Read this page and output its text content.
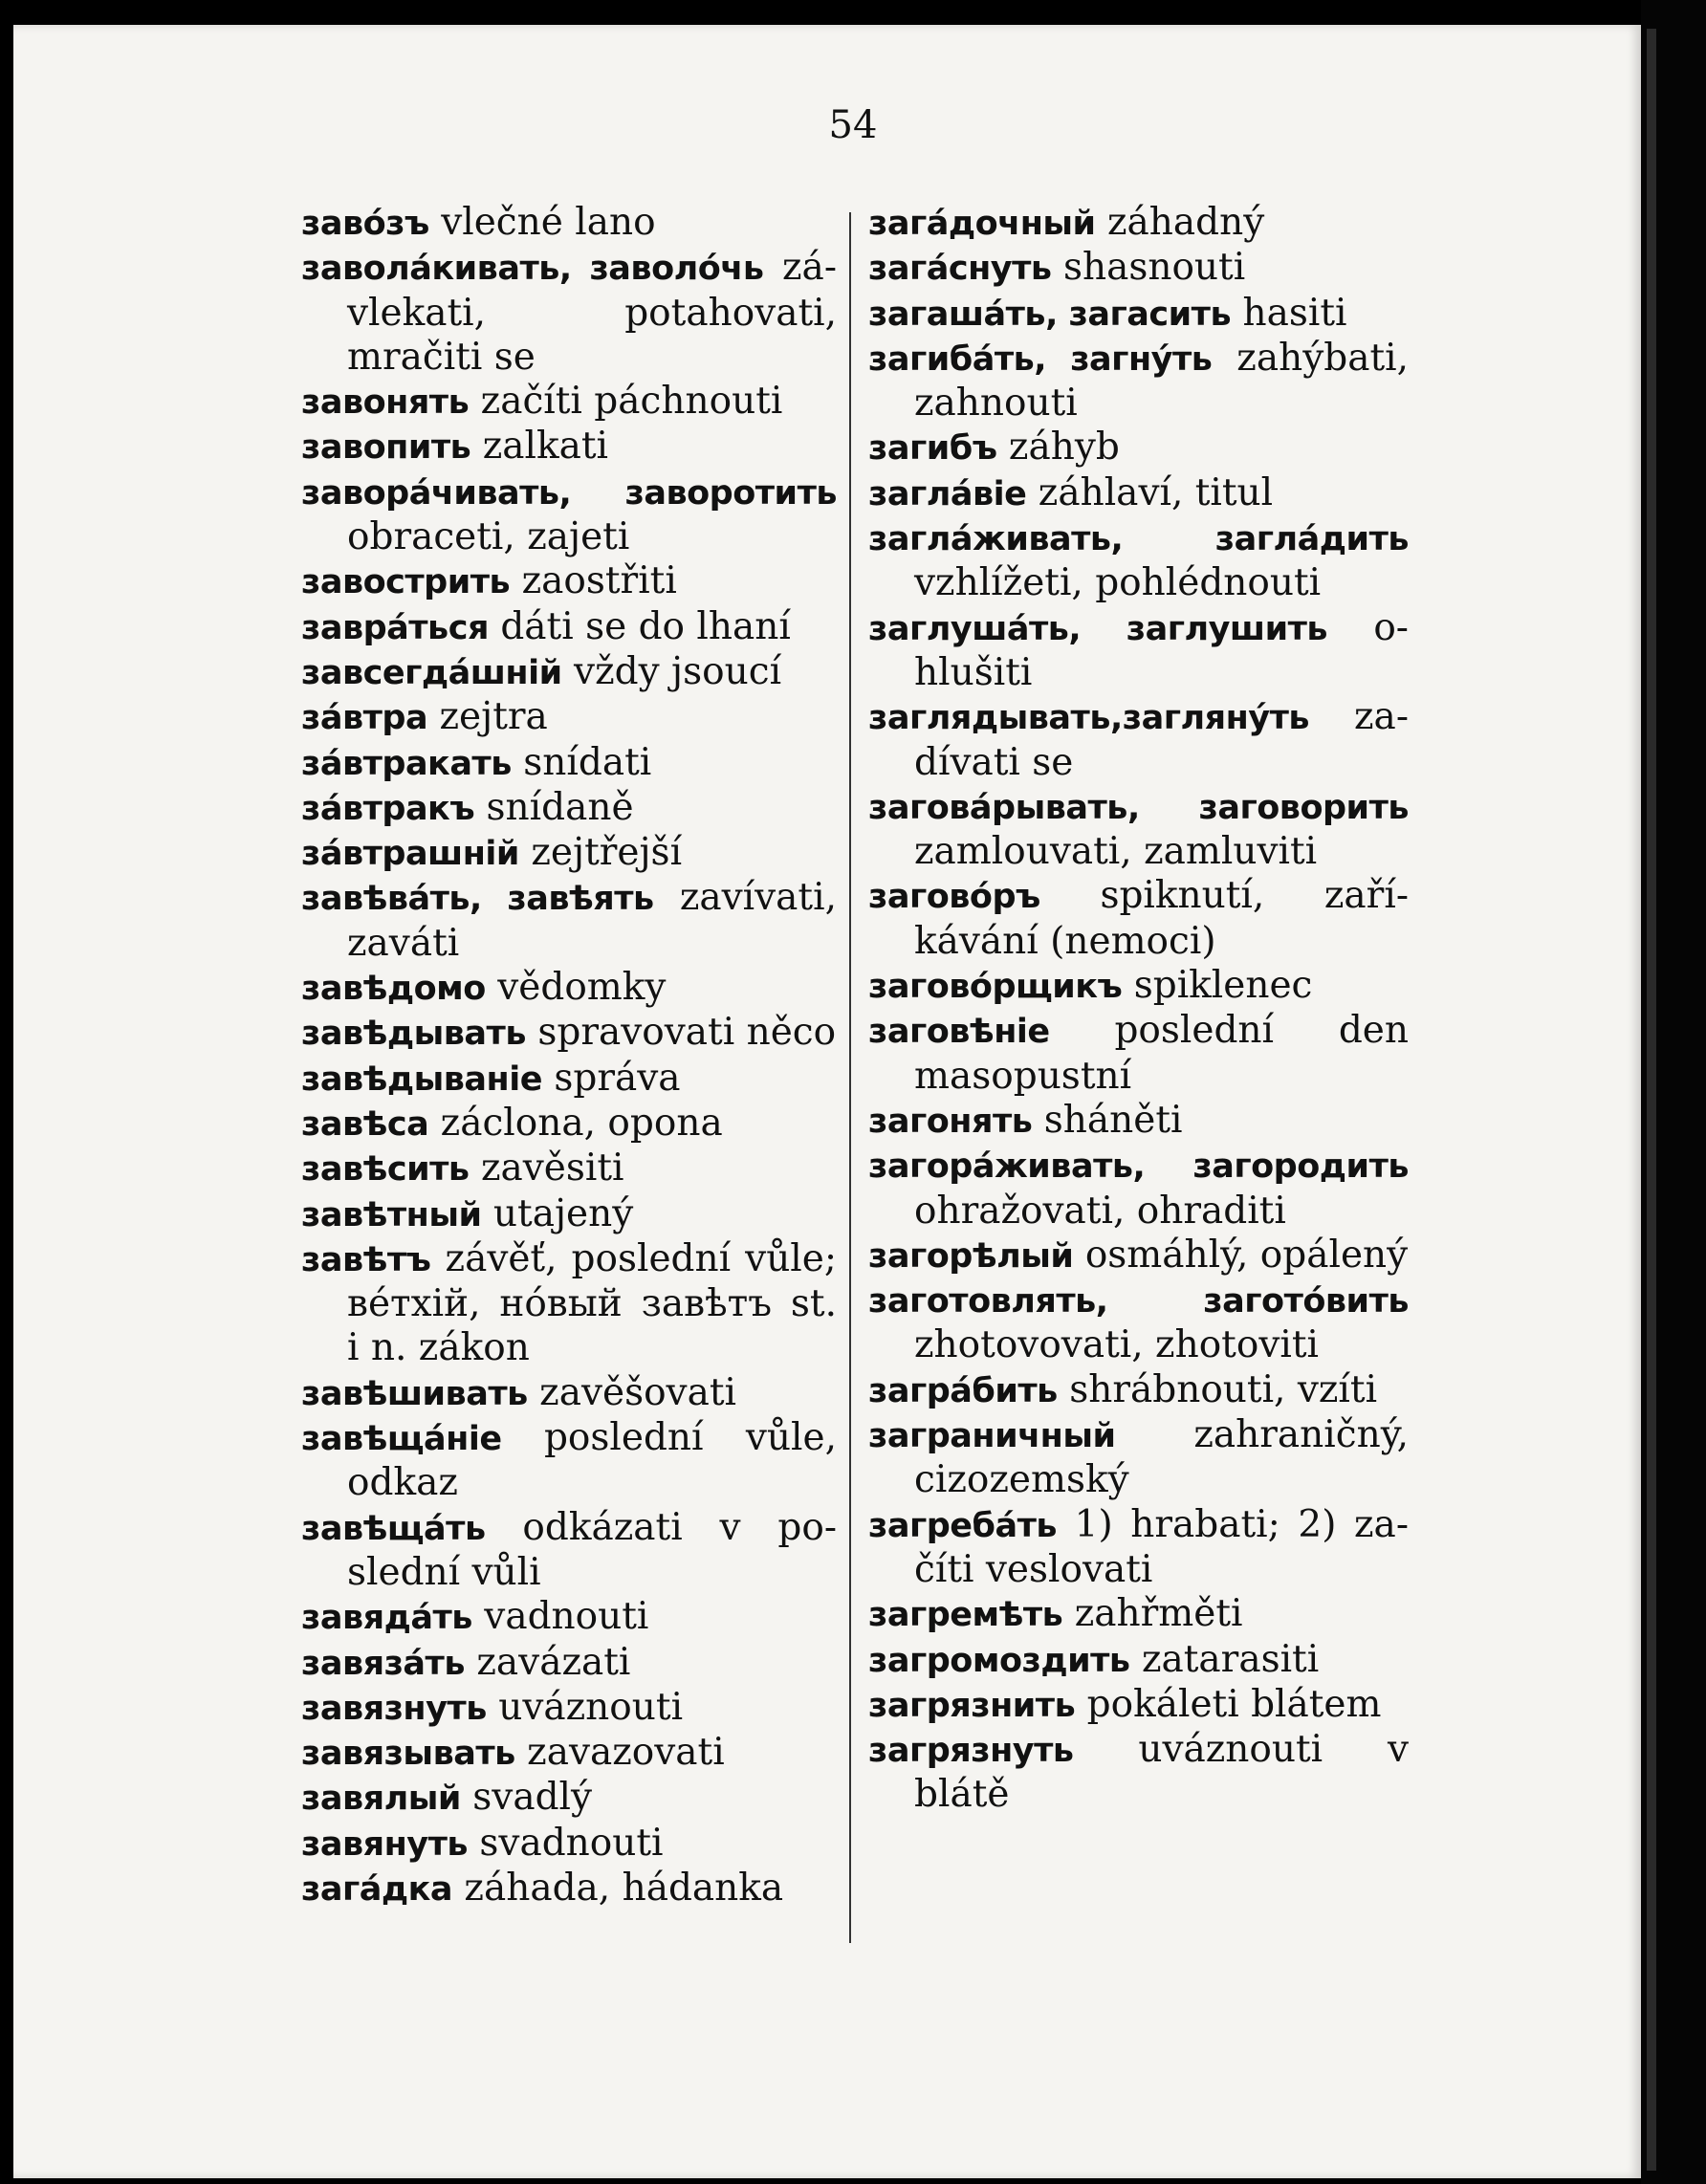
54
завóзъ vlečné lano
заволáкивать, заволóчь závlekati, potahovati, mračiti se
завонять začíti páchnouti
завопить zalkati
заворáчивать, заворотить obraceti, zajeti
завострить zaostřiti
заврáться dáti se do lhaní
завсегдáшній vždy jsoucí
зáвтра zejtra
зáвтракать snídati
зáвтракъ snídaně
зáвтрашній zejtřejší
завѣвáть, завѣять zavívati, zaváti
завѣдомо vědomky
завѣдывать spravovati něco
завѣдываніе správa
завѣса záclona, opona
завѣсить zavěsiti
завѣтный utajený
завѣтъ závěť, poslední vůle; вéтхій, нóвый завѣтъ st. i n. zákon
завѣшивать zavěšovati
завѣщáніе poslední vůle, odkaz
завѣщáть odkázati v poslední vůli
завядáть vadnouti
завязáть zavázati
завязнуть uváznouti
завязывать zavazovati
завялый svadlý
завянуть svadnouti
загáдка záhada, hádanka
загáдочный záhadný
загáснуть shasnouti
загашáть, загасить hasiti
загибáть, загнýть zahýbati, zahnouti
загибъ záhyb
заглáвіе záhlaví, titul
заглáживать, заглáдить vzhlížeti, pohlédnouti
заглушáть, заглушить ohlušiti
заглядывать,заглянýть zadívati se
заговáрывать, заговорить zamlouvati, zamluviti
заговóръ spiknutí, zaříkávání (nemoci)
заговóрщикъ spiklenec
заговѣніе poslední den masopustní
загонять sháněti
загорáживать, загородить ohražovati, ohraditi
загорѣлый osmáhlý, opálený
заготовлять, заготóвить zhotovovati, zhotoviti
загрáбить shrábnouti, vzíti
заграничный zahraničný, cizozemský
загребáть 1) hrabati; 2) začíti veslovati
загремѣть zahřměti
загромоздить zatarasiti
загрязнить pokáleti blátem
загрязнуть uváznouti v blátě
